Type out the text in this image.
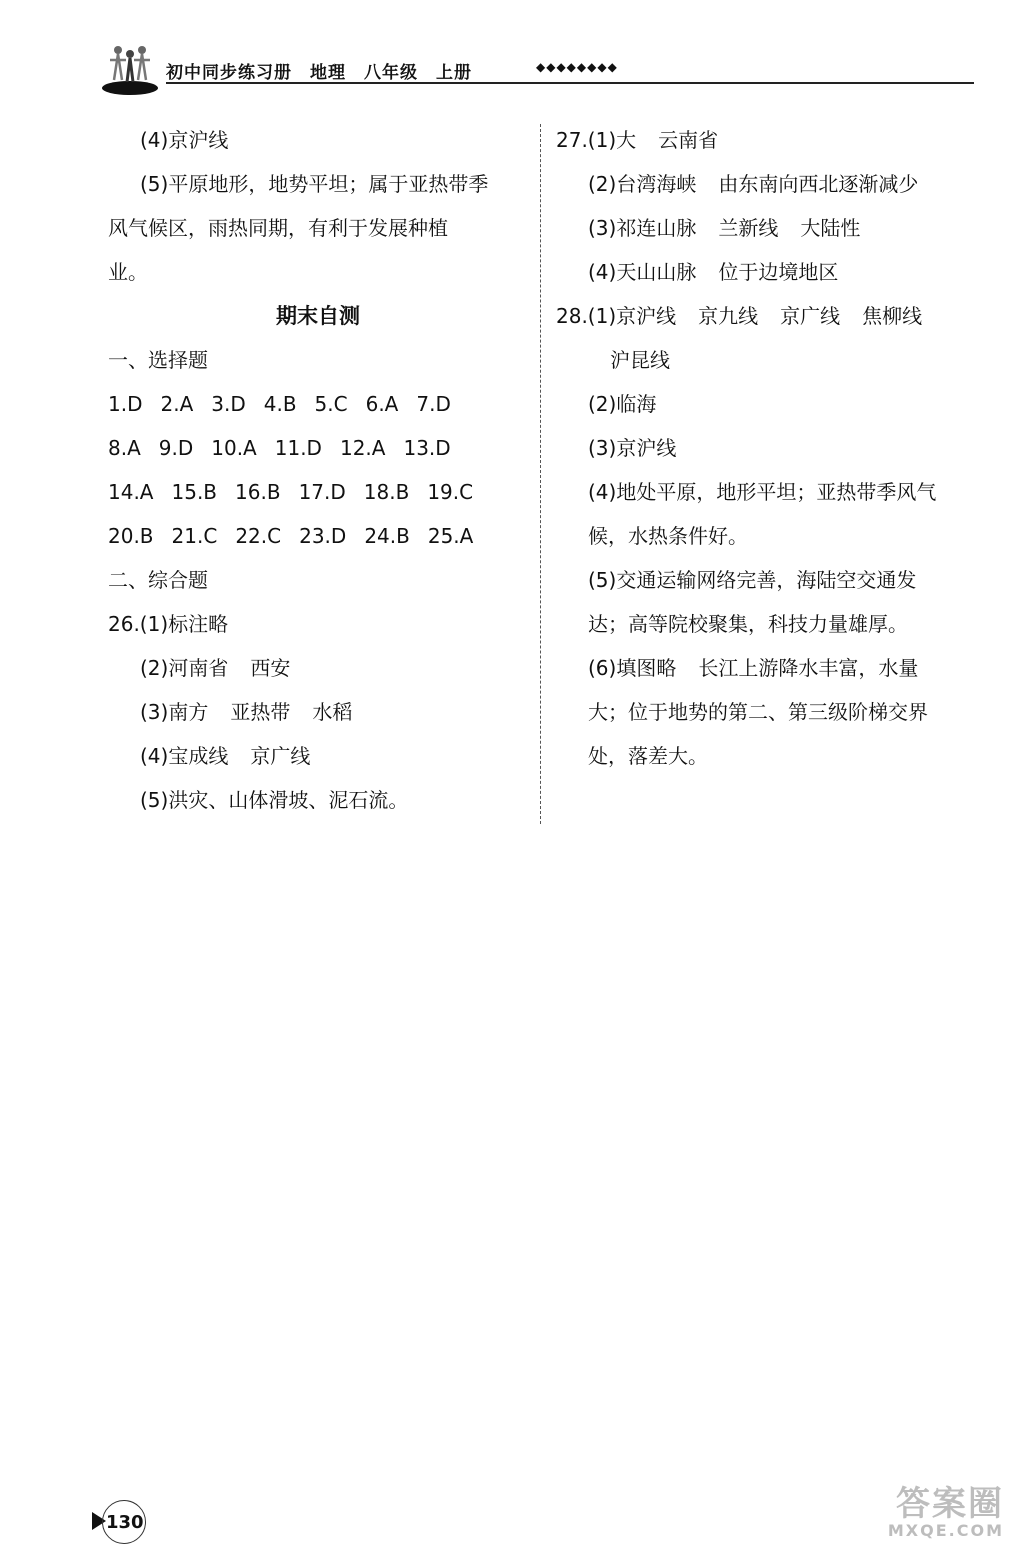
初中同步练习册　地理　八年级　上册	◆◆◆◆◆◆◆◆
(4)京沪线
(5)平原地形，地势平坦；属于亚热带季
风气候区，雨热同期，有利于发展种植
业。
期末自测
一、选择题
1.D 2.A 3.D 4.B 5.C 6.A 7.D
8.A 9.D 10.A 11.D 12.A 13.D
14.A 15.B 16.B 17.D 18.B 19.C
20.B 21.C 22.C 23.D 24.B 25.A
二、综合题
26.(1)标注略
(2)河南省 西安
(3)南方 亚热带 水稻
(4)宝成线 京广线
(5)洪灾、山体滑坡、泥石流。
27.(1)大 云南省
(2)台湾海峡 由东南向西北逐渐减少
(3)祁连山脉 兰新线 大陆性
(4)天山山脉 位于边境地区
28.(1)京沪线 京九线 京广线 焦柳线
沪昆线
(2)临海
(3)京沪线
(4)地处平原，地形平坦；亚热带季风气
候，水热条件好。
(5)交通运输网络完善，海陆空交通发
达；高等院校聚集，科技力量雄厚。
(6)填图略 长江上游降水丰富，水量
大；位于地势的第二、第三级阶梯交界
处，落差大。
130	答案圈
MXQE.COM
